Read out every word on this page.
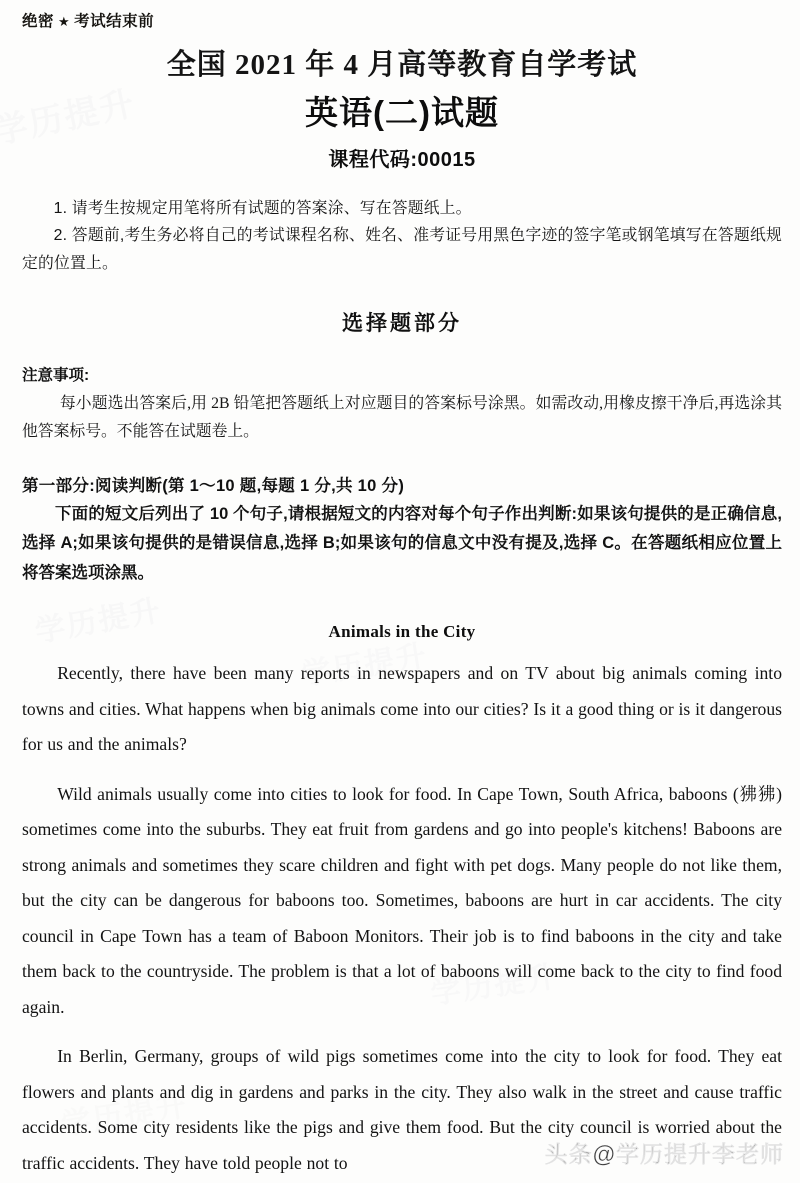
绝密 ★ 考试结束前
全国 2021 年 4 月高等教育自学考试
英语(二)试题
课程代码:00015
1. 请考生按规定用笔将所有试题的答案涂、写在答题纸上。
2. 答题前,考生务必将自己的考试课程名称、姓名、准考证号用黑色字迹的签字笔或钢笔填写在答题纸规定的位置上。
选择题部分
注意事项:
每小题选出答案后,用 2B 铅笔把答题纸上对应题目的答案标号涂黑。如需改动,用橡皮擦干净后,再选涂其他答案标号。不能答在试题卷上。
第一部分:阅读判断(第 1～10 题,每题 1 分,共 10 分)
下面的短文后列出了 10 个句子,请根据短文的内容对每个句子作出判断:如果该句提供的是正确信息,选择 A;如果该句提供的是错误信息,选择 B;如果该句的信息文中没有提及,选择 C。在答题纸相应位置上将答案选项涂黑。
Animals in the City
Recently, there have been many reports in newspapers and on TV about big animals coming into towns and cities. What happens when big animals come into our cities? Is it a good thing or is it dangerous for us and the animals?
Wild animals usually come into cities to look for food. In Cape Town, South Africa, baboons (狒狒) sometimes come into the suburbs. They eat fruit from gardens and go into people's kitchens! Baboons are strong animals and sometimes they scare children and fight with pet dogs. Many people do not like them, but the city can be dangerous for baboons too. Sometimes, baboons are hurt in car accidents. The city council in Cape Town has a team of Baboon Monitors. Their job is to find baboons in the city and take them back to the countryside. The problem is that a lot of baboons will come back to the city to find food again.
In Berlin, Germany, groups of wild pigs sometimes come into the city to look for food. They eat flowers and plants and dig in gardens and parks in the city. They also walk in the street and cause traffic accidents. Some city residents like the pigs and give them food. But the city council is worried about the traffic accidents. They have told people not to	头条@学历提升李老师
